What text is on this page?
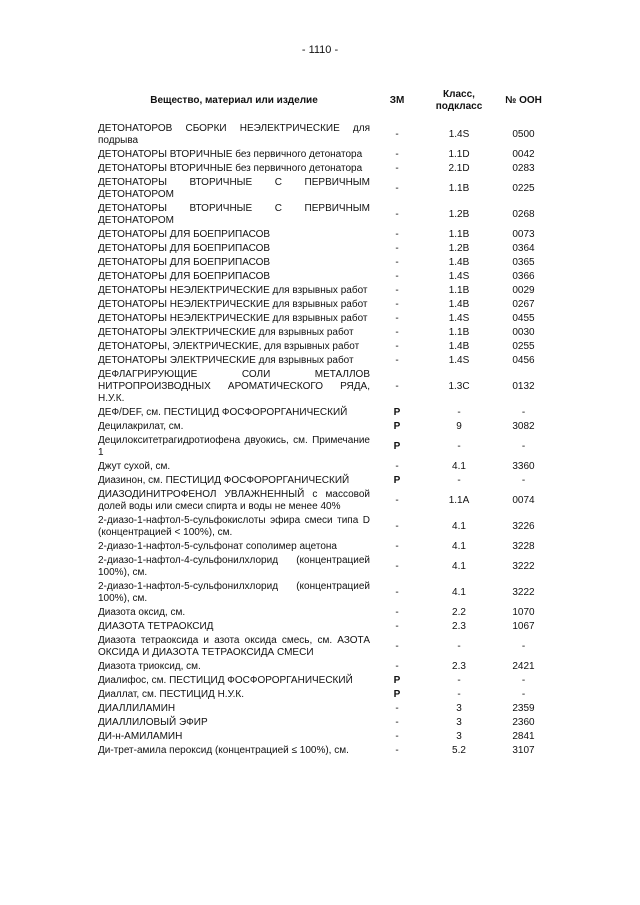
- 1110 -
Вещество, материал или изделие	ЗМ	Класс, подкласс	№ ООН
ДЕТОНАТОРОВ СБОРКИ НЕЭЛЕКТРИЧЕСКИЕ для подрыва	-	1.4S	0500
ДЕТОНАТОРЫ ВТОРИЧНЫЕ без первичного детонатора	-	1.1D	0042
ДЕТОНАТОРЫ ВТОРИЧНЫЕ без первичного детонатора	-	2.1D	0283
ДЕТОНАТОРЫ ВТОРИЧНЫЕ С ПЕРВИЧНЫМ ДЕТОНАТОРОМ	-	1.1B	0225
ДЕТОНАТОРЫ ВТОРИЧНЫЕ С ПЕРВИЧНЫМ ДЕТОНАТОРОМ	-	1.2B	0268
ДЕТОНАТОРЫ ДЛЯ БОЕПРИПАСОВ	-	1.1B	0073
ДЕТОНАТОРЫ ДЛЯ БОЕПРИПАСОВ	-	1.2B	0364
ДЕТОНАТОРЫ ДЛЯ БОЕПРИПАСОВ	-	1.4B	0365
ДЕТОНАТОРЫ ДЛЯ БОЕПРИПАСОВ	-	1.4S	0366
ДЕТОНАТОРЫ НЕЭЛЕКТРИЧЕСКИЕ для взрывных работ	-	1.1B	0029
ДЕТОНАТОРЫ НЕЭЛЕКТРИЧЕСКИЕ для взрывных работ	-	1.4B	0267
ДЕТОНАТОРЫ НЕЭЛЕКТРИЧЕСКИЕ для взрывных работ	-	1.4S	0455
ДЕТОНАТОРЫ ЭЛЕКТРИЧЕСКИЕ для взрывных работ	-	1.1B	0030
ДЕТОНАТОРЫ, ЭЛЕКТРИЧЕСКИЕ, для взрывных работ	-	1.4B	0255
ДЕТОНАТОРЫ ЭЛЕКТРИЧЕСКИЕ для взрывных работ	-	1.4S	0456
ДЕФЛАГРИРУЮЩИЕ СОЛИ МЕТАЛЛОВ НИТРОПРОИЗВОДНЫХ АРОМАТИЧЕСКОГО РЯДА, Н.У.К.	-	1.3C	0132
ДЕФ/DEF, см. ПЕСТИЦИД ФОСФОРОРГАНИЧЕСКИЙ	P	-	-
Децилакрилат, см.	P	9	3082
Децилокситетрагидротиофена двуокись, см. Примечание 1	P	-	-
Джут сухой, см.	-	4.1	3360
Диазинон, см. ПЕСТИЦИД ФОСФОРОРГАНИЧЕСКИЙ	P	-	-
ДИАЗОДИНИТРОФЕНОЛ УВЛАЖНЕННЫЙ с массовой долей воды или смеси спирта и воды не менее 40%	-	1.1A	0074
2-диазо-1-нафтол-5-сульфокислоты эфира смеси типа D (концентрацией < 100%), см.	-	4.1	3226
2-диазо-1-нафтол-5-сульфонат сополимер ацетона	-	4.1	3228
2-диазо-1-нафтол-4-сульфонилхлорид (концентрацией 100%), см.	-	4.1	3222
2-диазо-1-нафтол-5-сульфонилхлорид (концентрацией 100%), см.	-	4.1	3222
Диазота оксид, см.	-	2.2	1070
ДИАЗОТА ТЕТРАОКСИД	-	2.3	1067
Диазота тетраоксида и азота оксида смесь, см. АЗОТА ОКСИДА И ДИАЗОТА ТЕТРАОКСИДА СМЕСИ	-	-	-
Диазота триоксид, см.	-	2.3	2421
Диалифос, см. ПЕСТИЦИД ФОСФОРОРГАНИЧЕСКИЙ	P	-	-
Диаллат, см. ПЕСТИЦИД Н.У.К.	P	-	-
ДИАЛЛИЛАМИН	-	3	2359
ДИАЛЛИЛОВЫЙ ЭФИР	-	3	2360
ДИ-н-АМИЛАМИН	-	3	2841
Ди-трет-амила пероксид (концентрацией ≤ 100%), см.	-	5.2	3107
